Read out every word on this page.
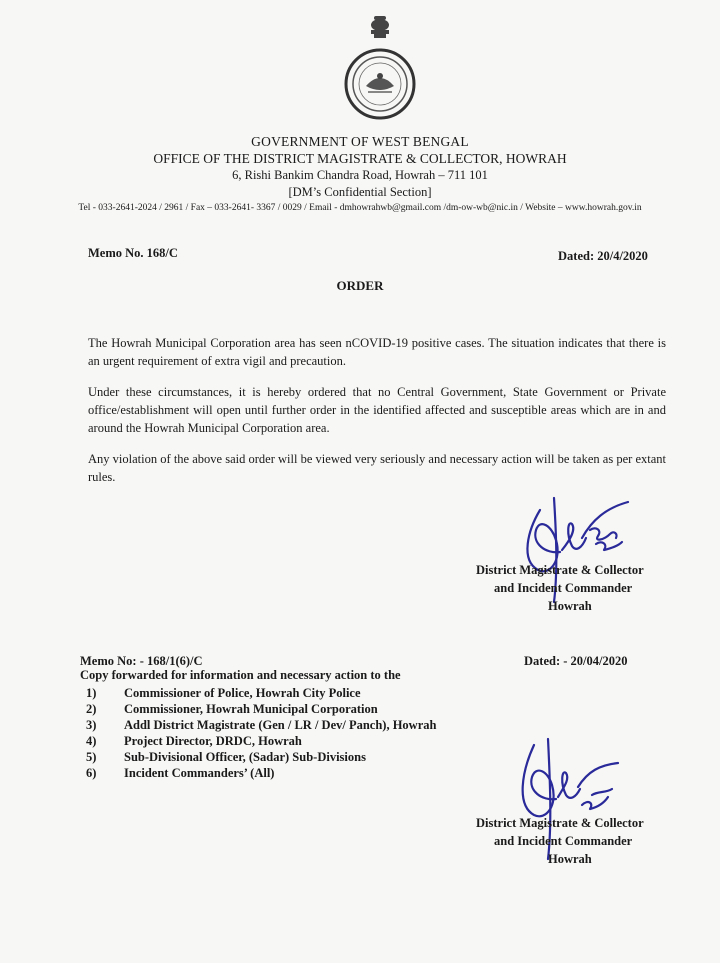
GOVERNMENT OF WEST BENGAL
OFFICE OF THE DISTRICT MAGISTRATE & COLLECTOR, HOWRAH
6, Rishi Bankim Chandra Road, Howrah – 711 101
[DM’s Confidential Section]
Tel - 033-2641-2024 / 2961 / Fax – 033-2641- 3367 / 0029 / Email - dmhowrahwb@gmail.com /dm-ow-wb@nic.in / Website – www.howrah.gov.in
Memo No. 168/C	Dated: 20/4/2020
ORDER
The Howrah Municipal Corporation area has seen nCOVID-19 positive cases. The situation indicates that there is an urgent requirement of extra vigil and precaution.
Under these circumstances, it is hereby ordered that no Central Government, State Government or Private office/establishment will open until further order in the identified affected and susceptible areas which are in and around the Howrah Municipal Corporation area.
Any violation of the above said order will be viewed very seriously and necessary action will be taken as per extant rules.
District Magistrate & Collector
and Incident Commander
Howrah
Memo No: - 168/1(6)/C	Dated: - 20/04/2020
Copy forwarded for information and necessary action to the
1) Commissioner of Police, Howrah City Police
2) Commissioner, Howrah Municipal Corporation
3) Addl District Magistrate (Gen / LR / Dev/ Panch), Howrah
4) Project Director, DRDC, Howrah
5) Sub-Divisional Officer, (Sadar) Sub-Divisions
6) Incident Commanders’ (All)
District Magistrate & Collector
and Incident Commander
Howrah
